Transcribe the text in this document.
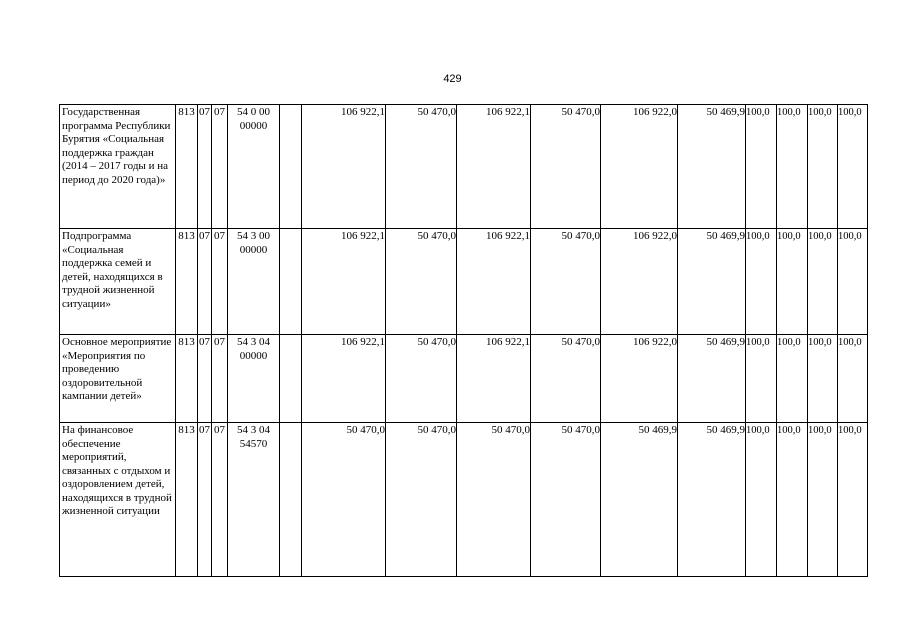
429
Государственная программа Республики Бурятия «Социальная поддержка граждан (2014 – 2017 годы и на период до 2020 года)»	813	07	07	54 0 00 00000		106 922,1	50 470,0	106 922,1	50 470,0	106 922,0	50 469,9	100,0	100,0	100,0	100,0
Подпрограмма «Социальная поддержка семей и детей, находящихся в трудной жизненной ситуации»	813	07	07	54 3 00 00000		106 922,1	50 470,0	106 922,1	50 470,0	106 922,0	50 469,9	100,0	100,0	100,0	100,0
Основное мероприятие «Мероприятия по проведению оздоровительной кампании детей»	813	07	07	54 3 04 00000		106 922,1	50 470,0	106 922,1	50 470,0	106 922,0	50 469,9	100,0	100,0	100,0	100,0
На финансовое обеспечение мероприятий, связанных с отдыхом и оздоровлением детей, находящихся в трудной жизненной ситуации	813	07	07	54 3 04 54570		50 470,0	50 470,0	50 470,0	50 470,0	50 469,9	50 469,9	100,0	100,0	100,0	100,0
